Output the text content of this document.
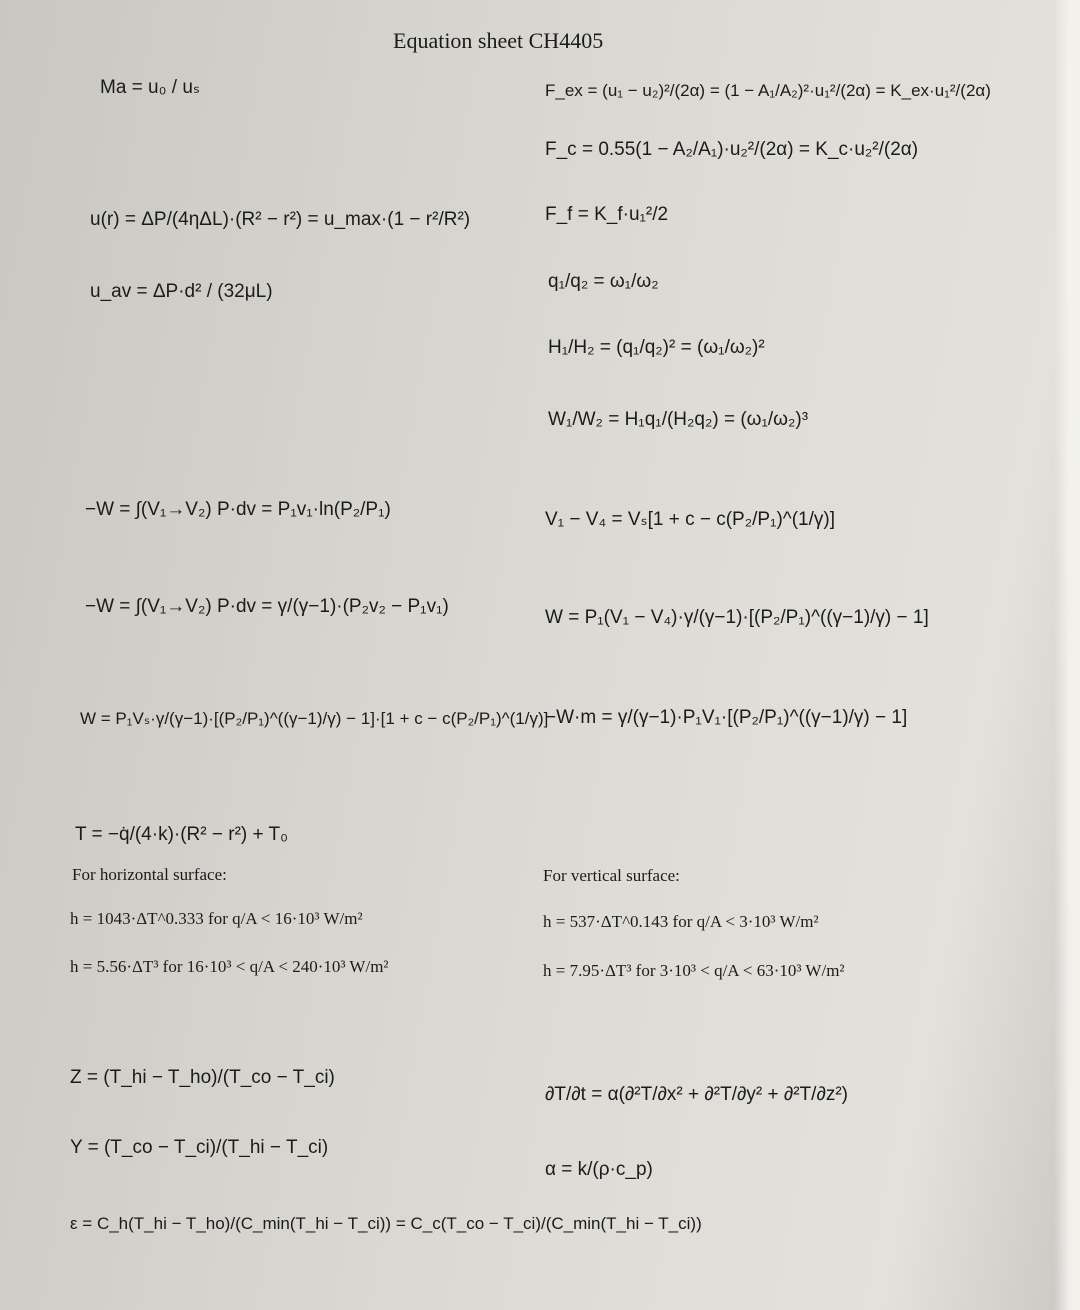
Equation sheet CH4405
Ma = u₀ / uₛ
u(r) = ΔP/(4ηΔL)·(R² − r²) = u_max·(1 − r²/R²)
u_av = ΔP·d² / (32μL)
−W = ∫(V₁→V₂) P·dv = P₁v₁·ln(P₂/P₁)
−W = ∫(V₁→V₂) P·dv = γ/(γ−1)·(P₂v₂ − P₁v₁)
W = P₁Vₛ·γ/(γ−1)·[(P₂/P₁)^((γ−1)/γ) − 1]·[1 + c − c(P₂/P₁)^(1/γ)]
T = −q̇/(4·k)·(R² − r²) + T₀
Z = (T_hi − T_ho)/(T_co − T_ci)
Y = (T_co − T_ci)/(T_hi − T_ci)
ε = C_h(T_hi − T_ho)/(C_min(T_hi − T_ci)) = C_c(T_co − T_ci)/(C_min(T_hi − T_ci))
F_ex = (u₁ − u₂)²/(2α) = (1 − A₁/A₂)²·u₁²/(2α) = K_ex·u₁²/(2α)
F_c = 0.55(1 − A₂/A₁)·u₂²/(2α) = K_c·u₂²/(2α)
F_f = K_f·u₁²/2
q₁/q₂ = ω₁/ω₂
H₁/H₂ = (q₁/q₂)² = (ω₁/ω₂)²
W₁/W₂ = H₁q₁/(H₂q₂) = (ω₁/ω₂)³
V₁ − V₄ = Vₛ[1 + c − c(P₂/P₁)^(1/γ)]
W = P₁(V₁ − V₄)·γ/(γ−1)·[(P₂/P₁)^((γ−1)/γ) − 1]
−W·m = γ/(γ−1)·P₁V₁·[(P₂/P₁)^((γ−1)/γ) − 1]
∂T/∂t = α(∂²T/∂x² + ∂²T/∂y² + ∂²T/∂z²)
α = k/(ρ·c_p)
For horizontal surface:
h = 1043·ΔT^0.333 for q/A < 16·10³ W/m²
h = 5.56·ΔT³ for 16·10³ < q/A < 240·10³ W/m²
For vertical surface:
h = 537·ΔT^0.143 for q/A < 3·10³ W/m²
h = 7.95·ΔT³ for 3·10³ < q/A < 63·10³ W/m²
